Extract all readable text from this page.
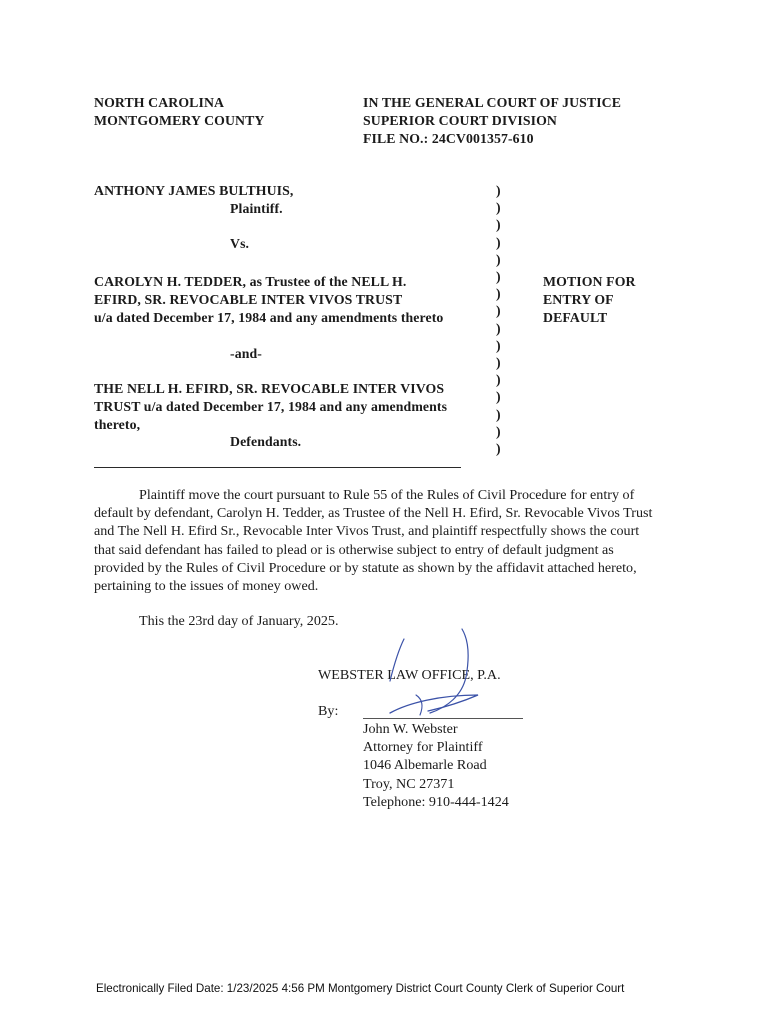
NORTH CAROLINA
MONTGOMERY COUNTY
IN THE GENERAL COURT OF JUSTICE
SUPERIOR COURT DIVISION
FILE NO.: 24CV001357-610
ANTHONY JAMES BULTHUIS,
Plaintiff.
Vs.
CAROLYN H. TEDDER, as Trustee of the NELL H.
EFIRD, SR. REVOCABLE INTER VIVOS TRUST
u/a dated December 17, 1984 and any amendments thereto
-and-
THE NELL H. EFIRD, SR. REVOCABLE INTER VIVOS
TRUST u/a dated December 17, 1984 and any amendments
thereto,
Defendants.
)
)
)
)
)
)
)
)
)
)
)
)
)
)
)
)
MOTION FOR
ENTRY OF
DEFAULT
Plaintiff move the court pursuant to Rule 55 of the Rules of Civil Procedure for entry of
default by defendant, Carolyn H. Tedder, as Trustee of the Nell H. Efird, Sr. Revocable Vivos Trust
and The Nell H. Efird Sr., Revocable Inter Vivos Trust, and plaintiff respectfully shows the court
that said defendant has failed to plead or is otherwise subject to entry of default judgment as
provided by the Rules of Civil Procedure or by statute as shown by the affidavit attached hereto,
pertaining to the issues of money owed.
This the 23rd day of January, 2025.
WEBSTER LAW OFFICE, P.A.
By:
John W. Webster
Attorney for Plaintiff
1046 Albemarle Road
Troy, NC 27371
Telephone: 910-444-1424
Electronically Filed Date: 1/23/2025 4:56 PM Montgomery District Court County Clerk of Superior Court
